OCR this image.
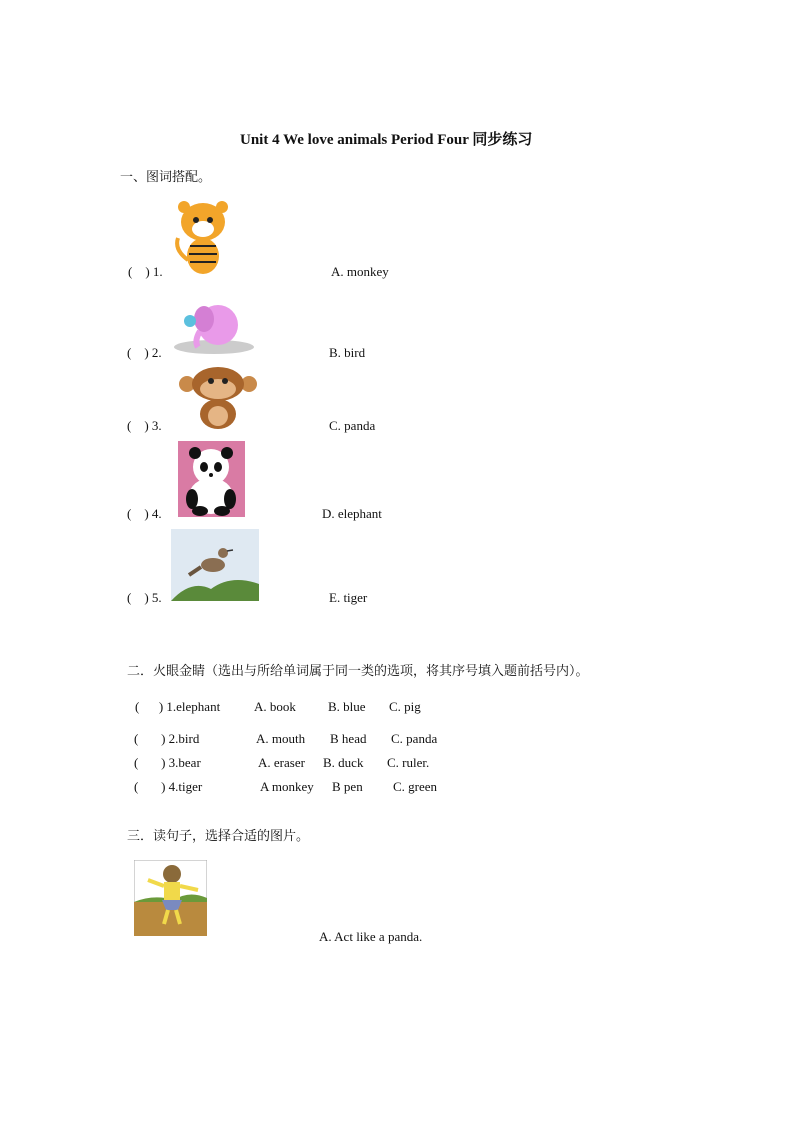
Unit 4 We love animals Period Four 同步练习
一、图词搭配。
(    ) 1.	A. monkey
(    ) 2.	B. bird
(    ) 3.	C. panda
(    ) 4.	D. elephant
(    ) 5.	E. tiger
二．火眼金睛（选出与所给单词属于同一类的选项，将其序号填入题前括号内）。
(      ) 1.elephant	A. book B. blue C. pig
(       ) 2.bird	A. mouth B head C. panda
(       ) 3.bear	A. eraser B. duck C. ruler.
(       ) 4.tiger	A monkey B pen C. green
三．读句子，选择合适的图片。
A. Act like a panda.
